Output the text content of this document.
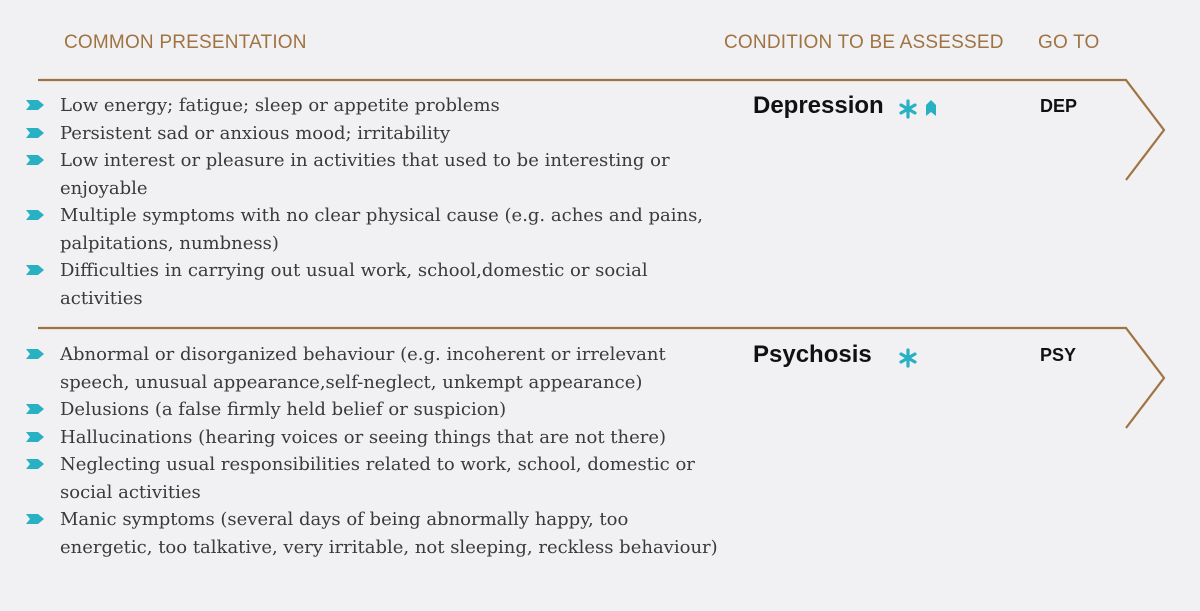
COMMON PRESENTATION	CONDITION TO BE ASSESSED GO TO
Low energy; fatigue; sleep or appetite problems
Persistent sad or anxious mood; irritability
Low interest or pleasure in activities that used to be interesting or enjoyable
Multiple symptoms with no clear physical cause (e.g. aches and pains, palpitations, numbness)
Difficulties in carrying out usual work, school,domestic or social activities
Depression	DEP
Abnormal or disorganized behaviour (e.g. incoherent or irrelevant speech, unusual appearance,self-neglect, unkempt appearance)
Delusions (a false firmly held belief or suspicion)
Hallucinations (hearing voices or seeing things that are not there)
Neglecting usual responsibilities related to work, school, domestic or social activities
Manic symptoms (several days of being abnormally happy, too energetic, too talkative, very irritable, not sleeping, reckless behaviour)
Psychosis	PSY
